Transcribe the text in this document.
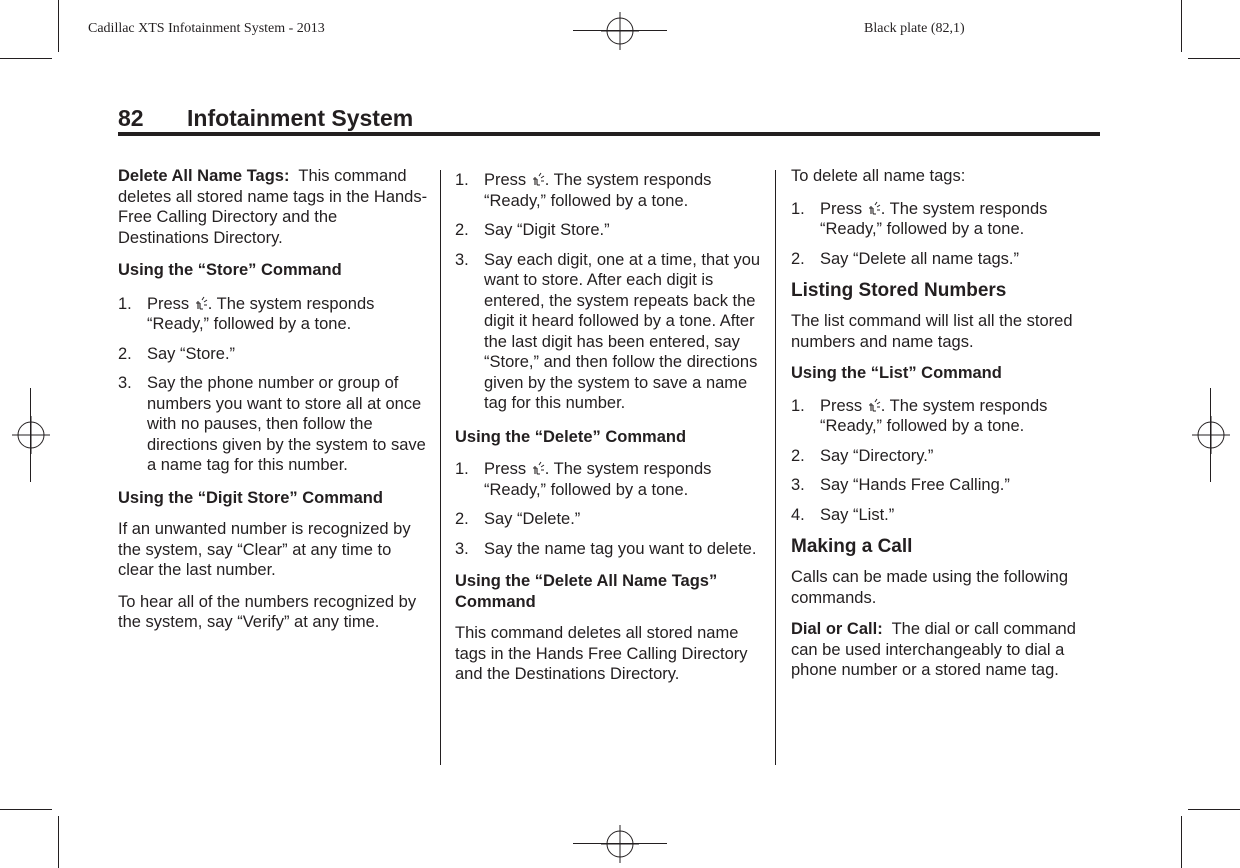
Cadillac XTS Infotainment System - 2013	Black plate (82,1)
82 Infotainment System

Delete All Name Tags: This command deletes all stored name tags in the Hands-Free Calling Directory and the Destinations Directory.

Using the “Store” Command

1. Press . The system responds “Ready,” followed by a tone.
2. Say “Store.”
3. Say the phone number or group of numbers you want to store all at once with no pauses, then follow the directions given by the system to save a name tag for this number.

Using the “Digit Store” Command

If an unwanted number is recognized by the system, say “Clear” at any time to clear the last number.

To hear all of the numbers recognized by the system, say “Verify” at any time.

1. Press . The system responds “Ready,” followed by a tone.
2. Say “Digit Store.”
3. Say each digit, one at a time, that you want to store. After each digit is entered, the system repeats back the digit it heard followed by a tone. After the last digit has been entered, say “Store,” and then follow the directions given by the system to save a name tag for this number.

Using the “Delete” Command

1. Press . The system responds “Ready,” followed by a tone.
2. Say “Delete.”
3. Say the name tag you want to delete.

Using the “Delete All Name Tags” Command

This command deletes all stored name tags in the Hands Free Calling Directory and the Destinations Directory.

To delete all name tags:

1. Press . The system responds “Ready,” followed by a tone.
2. Say “Delete all name tags.”

Listing Stored Numbers

The list command will list all the stored numbers and name tags.

Using the “List” Command

1. Press . The system responds “Ready,” followed by a tone.
2. Say “Directory.”
3. Say “Hands Free Calling.”
4. Say “List.”

Making a Call

Calls can be made using the following commands.

Dial or Call: The dial or call command can be used interchangeably to dial a phone number or a stored name tag.
